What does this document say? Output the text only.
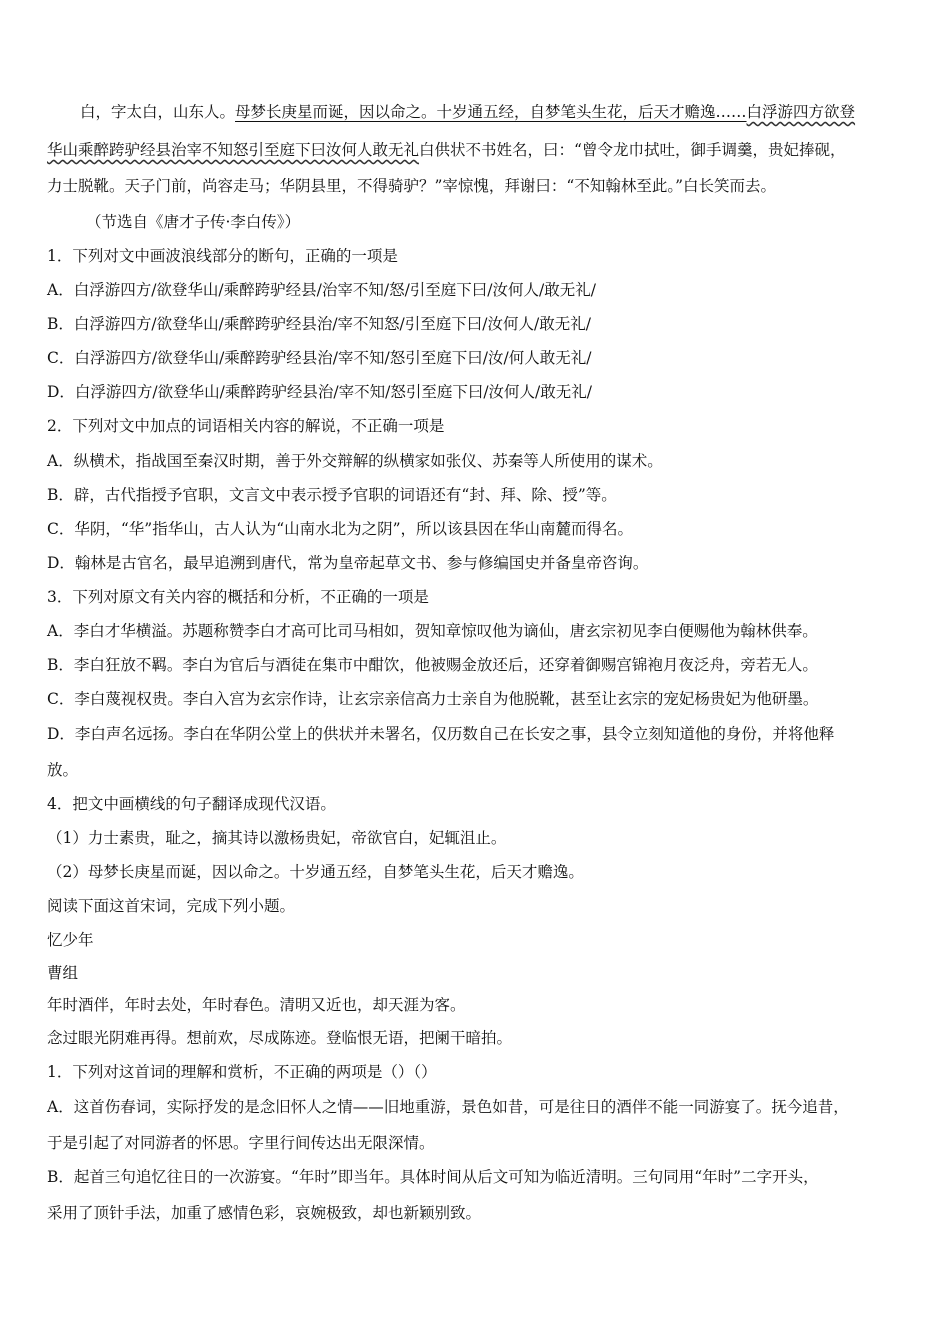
白，字太白，山东人。母梦长庚星而诞，因以命之。十岁通五经，自梦笔头生花，后天才赡逸……白浮游四方欲登
华山乘醉跨驴经县治宰不知怒引至庭下曰汝何人敢无礼白供状不书姓名，曰：“曾令龙巾拭吐，御手调羹，贵妃捧砚，
力士脱靴。天子门前，尚容走马；华阴县里，不得骑驴？”宰惊愧，拜谢曰：“不知翰林至此。”白长笑而去。
（节选自《唐才子传·李白传》）
1．下列对文中画波浪线部分的断句，正确的一项是
A．白浮游四方/欲登华山/乘醉跨驴经县/治宰不知/怒/引至庭下曰/汝何人/敢无礼/
B．白浮游四方/欲登华山/乘醉跨驴经县治/宰不知怒/引至庭下曰/汝何人/敢无礼/
C．白浮游四方/欲登华山/乘醉跨驴经县治/宰不知/怒引至庭下曰/汝/何人敢无礼/
D．白浮游四方/欲登华山/乘醉跨驴经县治/宰不知/怒引至庭下曰/汝何人/敢无礼/
2．下列对文中加点的词语相关内容的解说，不正确一项是
A．纵横术，指战国至秦汉时期，善于外交辩解的纵横家如张仪、苏秦等人所使用的谋术。
B．辟，古代指授予官职，文言文中表示授予官职的词语还有“封、拜、除、授”等。
C．华阴，“华”指华山，古人认为“山南水北为之阴”，所以该县因在华山南麓而得名。
D．翰林是古官名，最早追溯到唐代，常为皇帝起草文书、参与修编国史并备皇帝咨询。
3．下列对原文有关内容的概括和分析，不正确的一项是
A．李白才华横溢。苏题称赞李白才高可比司马相如，贺知章惊叹他为谪仙，唐玄宗初见李白便赐他为翰林供奉。
B．李白狂放不羁。李白为官后与酒徒在集市中酣饮，他被赐金放还后，还穿着御赐宫锦袍月夜泛舟，旁若无人。
C．李白蔑视权贵。李白入宫为玄宗作诗，让玄宗亲信高力士亲自为他脱靴，甚至让玄宗的宠妃杨贵妃为他研墨。
D．李白声名远扬。李白在华阴公堂上的供状并未署名，仅历数自己在长安之事，县令立刻知道他的身份，并将他释
放。
4．把文中画横线的句子翻译成现代汉语。
（1）力士素贵，耻之，摘其诗以激杨贵妃，帝欲官白，妃辄沮止。
（2）母梦长庚星而诞，因以命之。十岁通五经，自梦笔头生花，后天才赡逸。
阅读下面这首宋词，完成下列小题。
忆少年
曹组
年时酒伴，年时去处，年时春色。清明又近也，却天涯为客。
念过眼光阴难再得。想前欢，尽成陈迹。登临恨无语，把阑干暗拍。
1．下列对这首词的理解和赏析，不正确的两项是（）（）
A．这首伤春词，实际抒发的是念旧怀人之情——旧地重游，景色如昔，可是往日的酒伴不能一同游宴了。抚今追昔，
于是引起了对同游者的怀思。字里行间传达出无限深情。
B．起首三句追忆往日的一次游宴。“年时”即当年。具体时间从后文可知为临近清明。三句同用“年时”二字开头，
采用了顶针手法，加重了感情色彩，哀婉极致，却也新颖别致。
